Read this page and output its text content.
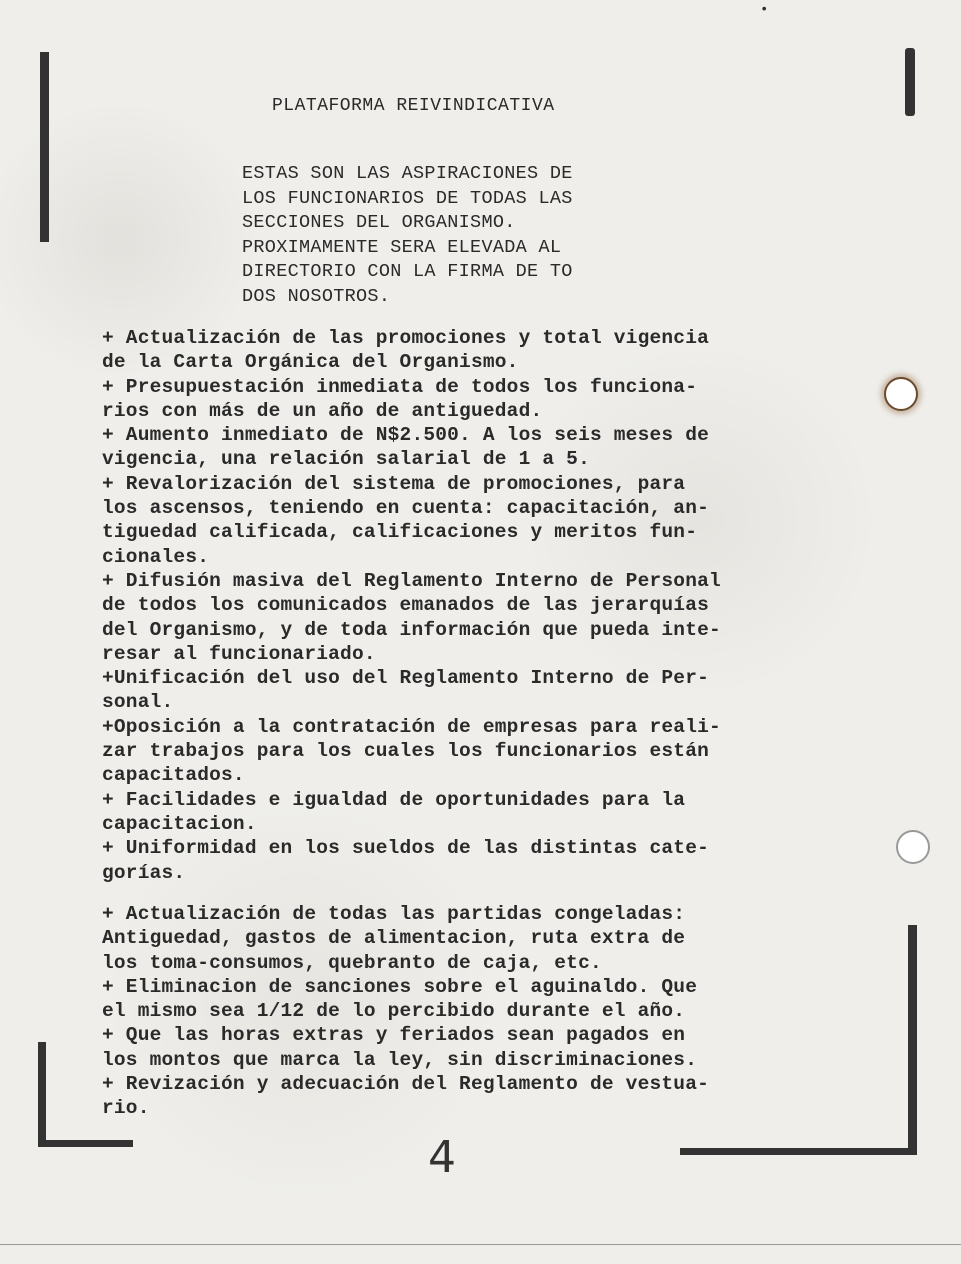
•
PLATAFORMA REIVINDICATIVA
ESTAS SON LAS ASPIRACIONES DE
LOS FUNCIONARIOS DE TODAS LAS
SECCIONES DEL ORGANISMO.
PROXIMAMENTE SERA ELEVADA AL
DIRECTORIO CON LA FIRMA DE TO
DOS NOSOTROS.
+ Actualización de las promociones y total vigencia
de la Carta Orgánica del Organismo.
+ Presupuestación inmediata de todos los funciona-
rios con más de un año de antiguedad.
+ Aumento inmediato de N$2.500. A los seis meses de
vigencia, una relación salarial de 1 a 5.
+ Revalorización del sistema de promociones, para
los ascensos, teniendo en cuenta: capacitación, an-
tiguedad calificada, calificaciones y meritos fun-
cionales.
+ Difusión masiva del Reglamento Interno de Personal
de todos los comunicados emanados de las jerarquías
del Organismo, y de toda información que pueda inte-
resar al funcionariado.
+Unificación del uso del Reglamento Interno de Per-
sonal.
+Oposición a la contratación de empresas para reali-
zar trabajos para los cuales los funcionarios están
capacitados.
+ Facilidades e igualdad de oportunidades para la
capacitacion.
+ Uniformidad en los sueldos de las distintas cate-
gorías.
+ Actualización de todas las partidas congeladas:
Antiguedad, gastos de alimentacion, ruta extra de
los toma-consumos, quebranto de caja, etc.
+ Eliminacion de sanciones sobre el aguinaldo. Que
el mismo sea 1/12 de lo percibido durante el año.
+ Que las horas extras y feriados sean pagados en
los montos que marca la ley, sin discriminaciones.
+ Revización y adecuación del Reglamento de vestua-
rio.
4
